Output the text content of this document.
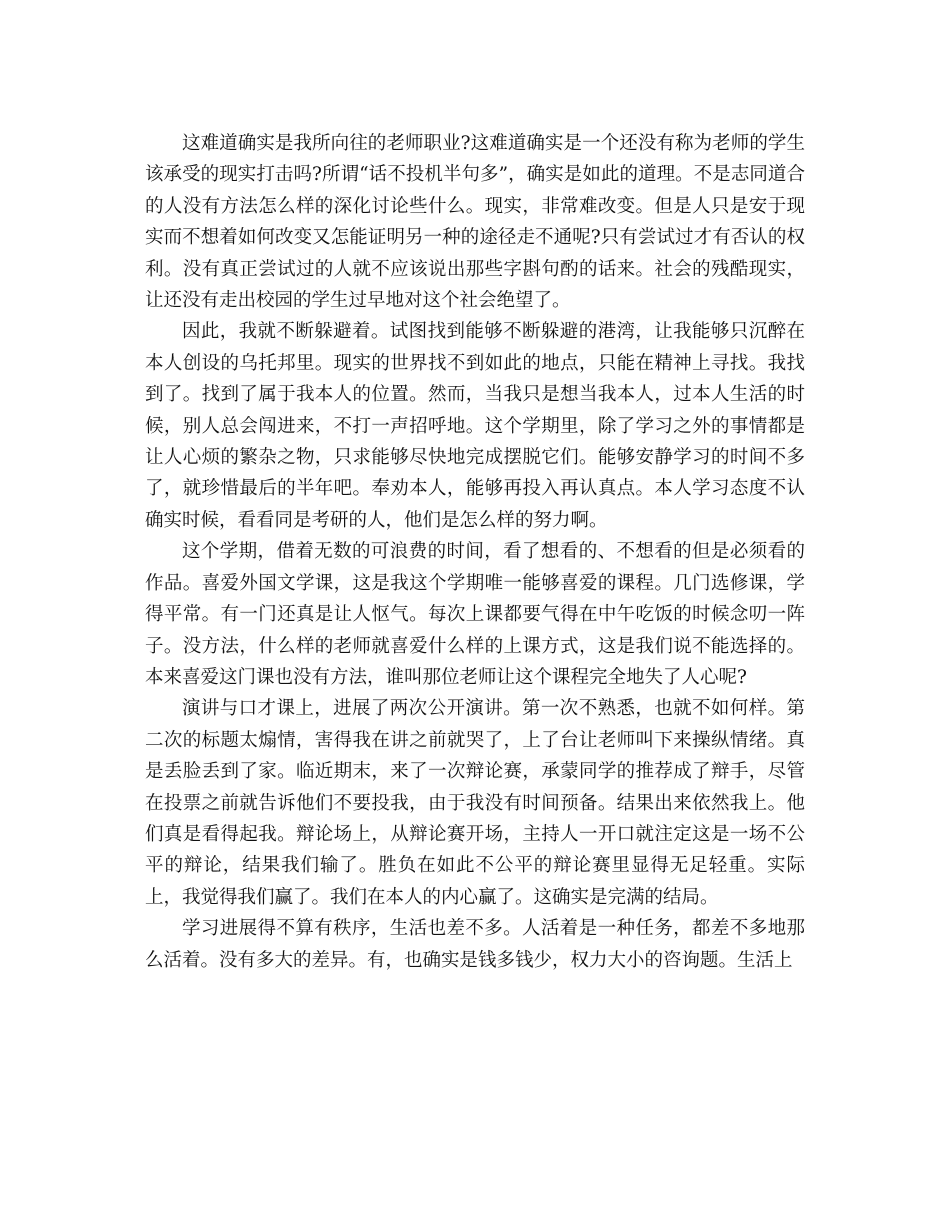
这难道确实是我所向往的老师职业?这难道确实是一个还没有称为老师的学生该承受的现实打击吗?所谓“话不投机半句多”，确实是如此的道理。不是志同道合的人没有方法怎么样的深化讨论些什么。现实，非常难改变。但是人只是安于现实而不想着如何改变又怎能证明另一种的途径走不通呢?只有尝试过才有否认的权利。没有真正尝试过的人就不应该说出那些字斟句酌的话来。社会的残酷现实，让还没有走出校园的学生过早地对这个社会绝望了。

因此，我就不断躲避着。试图找到能够不断躲避的港湾，让我能够只沉醉在本人创设的乌托邦里。现实的世界找不到如此的地点，只能在精神上寻找。我找到了。找到了属于我本人的位置。然而，当我只是想当我本人，过本人生活的时候，别人总会闯进来，不打一声招呼地。这个学期里，除了学习之外的事情都是让人心烦的繁杂之物，只求能够尽快地完成摆脱它们。能够安静学习的时间不多了，就珍惜最后的半年吧。奉劝本人，能够再投入再认真点。本人学习态度不认确实时候，看看同是考研的人，他们是怎么样的努力啊。

这个学期，借着无数的可浪费的时间，看了想看的、不想看的但是必须看的作品。喜爱外国文学课，这是我这个学期唯一能够喜爱的课程。几门选修课，学得平常。有一门还真是让人怄气。每次上课都要气得在中午吃饭的时候念叨一阵子。没方法，什么样的老师就喜爱什么样的上课方式，这是我们说不能选择的。本来喜爱这门课也没有方法，谁叫那位老师让这个课程完全地失了人心呢?

演讲与口才课上，进展了两次公开演讲。第一次不熟悉，也就不如何样。第二次的标题太煽情，害得我在讲之前就哭了，上了台让老师叫下来操纵情绪。真是丢脸丢到了家。临近期末，来了一次辩论赛，承蒙同学的推荐成了辩手，尽管在投票之前就告诉他们不要投我，由于我没有时间预备。结果出来依然我上。他们真是看得起我。辩论场上，从辩论赛开场，主持人一开口就注定这是一场不公平的辩论，结果我们输了。胜负在如此不公平的辩论赛里显得无足轻重。实际上，我觉得我们赢了。我们在本人的内心赢了。这确实是完满的结局。

学习进展得不算有秩序，生活也差不多。人活着是一种任务，都差不多地那么活着。没有多大的差异。有，也确实是钱多钱少，权力大小的咨询题。生活上
